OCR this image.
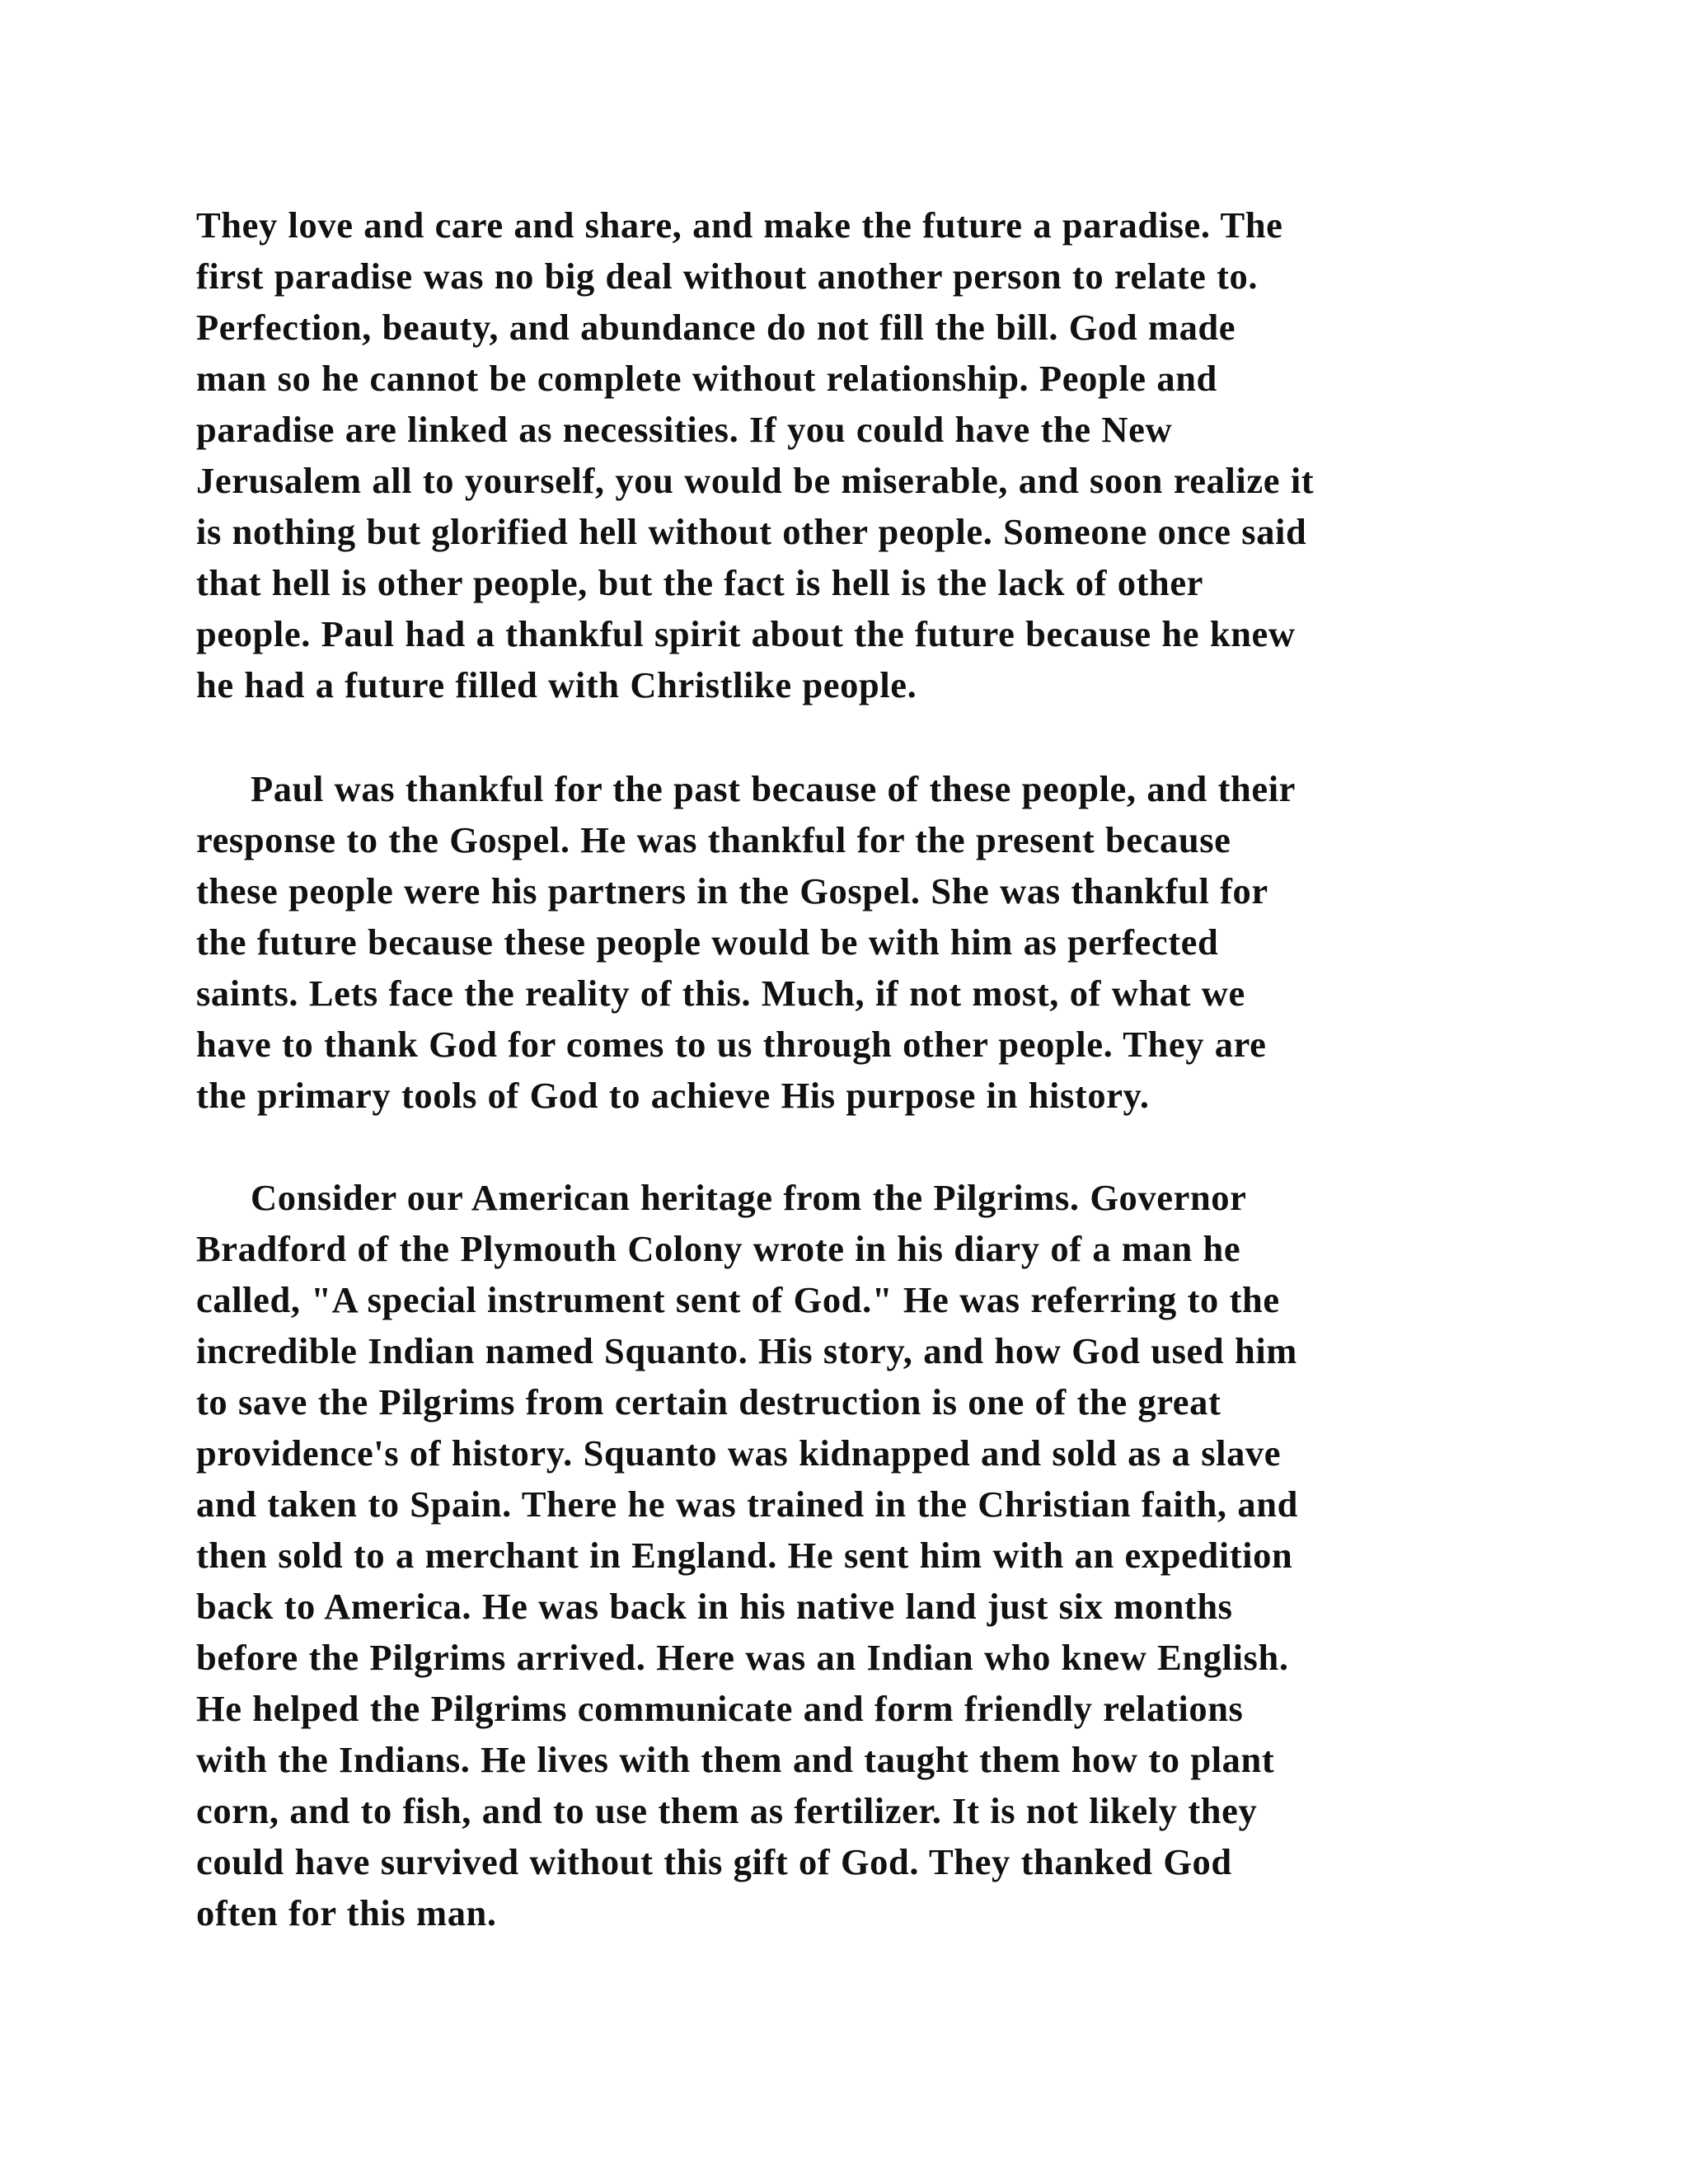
They love and care and share, and make the future a paradise. The
first paradise was no big deal without another person to relate to.
Perfection, beauty, and abundance do not fill the bill. God made
man so he cannot be complete without relationship. People and
paradise are linked as necessities. If you could have the New
Jerusalem all to yourself, you would be miserable, and soon realize it
is nothing but glorified hell without other people. Someone once said
that hell is other people, but the fact is hell is the lack of other
people. Paul had a thankful spirit about the future because he knew
he had a future filled with Christlike people.
Paul was thankful for the past because of these people, and their
response to the Gospel. He was thankful for the present because
these people were his partners in the Gospel. She was thankful for
the future because these people would be with him as perfected
saints. Lets face the reality of this. Much, if not most, of what we
have to thank God for comes to us through other people. They are
the primary tools of God to achieve His purpose in history.
Consider our American heritage from the Pilgrims. Governor
Bradford of the Plymouth Colony wrote in his diary of a man he
called, "A special instrument sent of God." He was referring to the
incredible Indian named Squanto. His story, and how God used him
to save the Pilgrims from certain destruction is one of the great
providence's of history. Squanto was kidnapped and sold as a slave
and taken to Spain. There he was trained in the Christian faith, and
then sold to a merchant in England. He sent him with an expedition
back to America. He was back in his native land just six months
before the Pilgrims arrived. Here was an Indian who knew English.
He helped the Pilgrims communicate and form friendly relations
with the Indians. He lives with them and taught them how to plant
corn, and to fish, and to use them as fertilizer. It is not likely they
could have survived without this gift of God. They thanked God
often for this man.
